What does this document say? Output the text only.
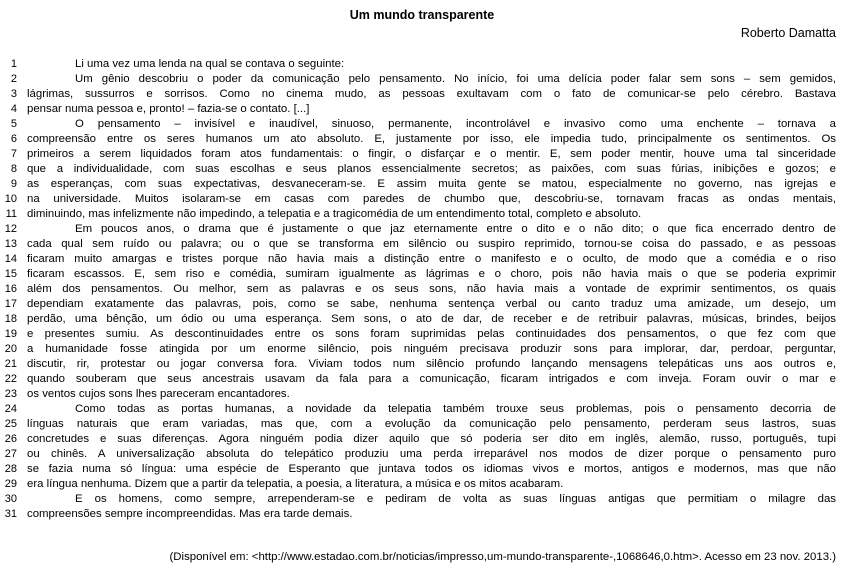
Um mundo transparente
Roberto Damatta
1	Li uma vez uma lenda na qual se contava o seguinte:
2	Um gênio descobriu o poder da comunicação pelo pensamento. No início, foi uma delícia poder falar sem sons – sem gemidos,
3 lágrimas, sussurros e sorrisos. Como no cinema mudo, as pessoas exultavam com o fato de comunicar-se pelo cérebro. Bastava
4 pensar numa pessoa e, pronto! – fazia-se o contato. [...]
5	O pensamento – invisível e inaudível, sinuoso, permanente, incontrolável e invasivo como uma enchente – tornava a
6 compreensão entre os seres humanos um ato absoluto. E, justamente por isso, ele impedia tudo, principalmente os sentimentos. Os
7 primeiros a serem liquidados foram atos fundamentais: o fingir, o disfarçar e o mentir. E, sem poder mentir, houve uma tal sinceridade
8 que a individualidade, com suas escolhas e seus planos essencialmente secretos; as paixões, com suas fúrias, inibições e gozos; e
9 as esperanças, com suas expectativas, desvaneceram-se. E assim muita gente se matou, especialmente no governo, nas igrejas e
10 na universidade. Muitos isolaram-se em casas com paredes de chumbo que, descobriu-se, tornavam fracas as ondas mentais,
11 diminuindo, mas infelizmente não impedindo, a telepatia e a tragicomédia de um entendimento total, completo e absoluto.
12	Em poucos anos, o drama que é justamente o que jaz eternamente entre o dito e o não dito; o que fica encerrado dentro de
13 cada qual sem ruído ou palavra; ou o que se transforma em silêncio ou suspiro reprimido, tornou-se coisa do passado, e as pessoas
14 ficaram muito amargas e tristes porque não havia mais a distinção entre o manifesto e o oculto, de modo que a comédia e o riso
15 ficaram escassos. E, sem riso e comédia, sumiram igualmente as lágrimas e o choro, pois não havia mais o que se poderia exprimir
16 além dos pensamentos. Ou melhor, sem as palavras e os seus sons, não havia mais a vontade de exprimir sentimentos, os quais
17 dependiam exatamente das palavras, pois, como se sabe, nenhuma sentença verbal ou canto traduz uma amizade, um desejo, um
18 perdão, uma bênção, um ódio ou uma esperança. Sem sons, o ato de dar, de receber e de retribuir palavras, músicas, brindes, beijos
19 e presentes sumiu. As descontinuidades entre os sons foram suprimidas pelas continuidades dos pensamentos, o que fez com que
20 a humanidade fosse atingida por um enorme silêncio, pois ninguém precisava produzir sons para implorar, dar, perdoar, perguntar,
21 discutir, rir, protestar ou jogar conversa fora. Viviam todos num silêncio profundo lançando mensagens telepáticas uns aos outros e,
22 quando souberam que seus ancestrais usavam da fala para a comunicação, ficaram intrigados e com inveja. Foram ouvir o mar e
23 os ventos cujos sons lhes pareceram encantadores.
24	Como todas as portas humanas, a novidade da telepatia também trouxe seus problemas, pois o pensamento decorria de
25 línguas naturais que eram variadas, mas que, com a evolução da comunicação pelo pensamento, perderam seus lastros, suas
26 concretudes e suas diferenças. Agora ninguém podia dizer aquilo que só poderia ser dito em inglês, alemão, russo, português, tupi
27 ou chinês. A universalização absoluta do telepático produziu uma perda irreparável nos modos de dizer porque o pensamento puro
28 se fazia numa só língua: uma espécie de Esperanto que juntava todos os idiomas vivos e mortos, antigos e modernos, mas que não
29 era língua nenhuma. Dizem que a partir da telepatia, a poesia, a literatura, a música e os mitos acabaram.
30	E os homens, como sempre, arrependeram-se e pediram de volta as suas línguas antigas que permitiam o milagre das
31 compreensões sempre incompreendidas. Mas era tarde demais.
(Disponível em: <http://www.estadao.com.br/noticias/impresso,um-mundo-transparente-,1068646,0.htm>. Acesso em 23 nov. 2013.)
